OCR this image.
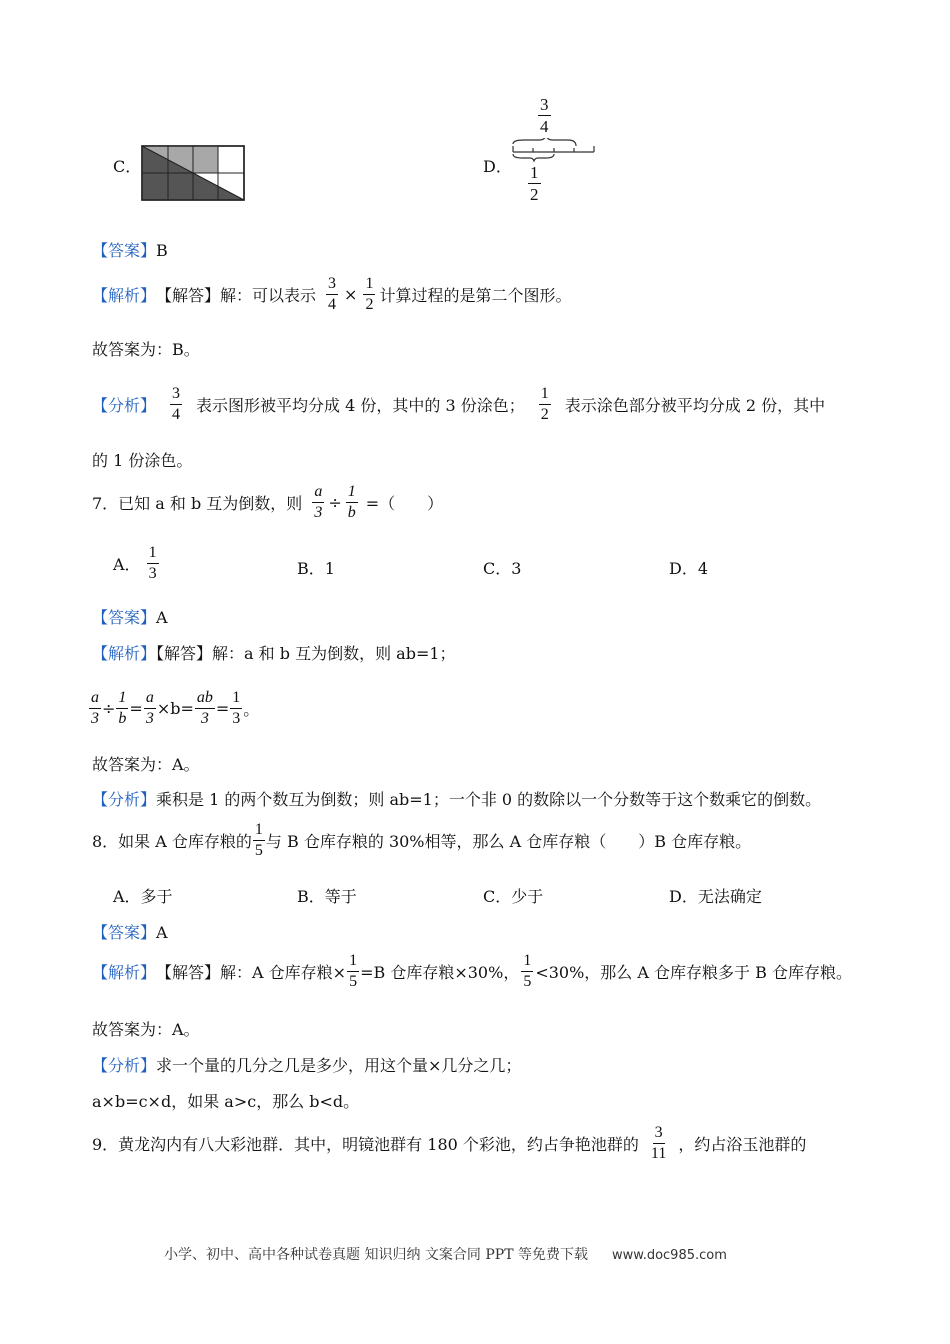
C．	D．
$\frac{3}{4}$
$\frac{1}{2}$
【答案】B
【解析】 【解答】 解：可以表示 $\frac{3}{4} \times \frac{1}{2}$ 计算过程的是第二个图形。
故答案为：B。
【分析】 $\frac{3}{4}$ 表示图形被平均分成 4 份，其中的 3 份涂色； $\frac{1}{2}$ 表示涂色部分被平均分成 2 份，其中
的 1 份涂色。
7．已知 a 和 b 互为倒数，则 $\frac{a}{3} \div \frac{1}{b}$ =（　　）
A． $\frac{1}{3}$	B．1	C．3	D．4
【答案】A
【解析】【解答】解：a 和 b 互为倒数，则 ab=1；
$\frac{a}{3} \div \frac{1}{b} = \frac{a}{3} \times b= \frac{ab}{3} = \frac{1}{3}$ 。
故答案为：A。
【分析】乘积是 1 的两个数互为倒数；则 ab=1；一个非 0 的数除以一个分数等于这个数乘它的倒数。
8．如果 A 仓库存粮的 $\frac{1}{5}$ 与 B 仓库存粮的 30%相等，那么 A 仓库存粮（　　）B 仓库存粮。
A．多于	B．等于	C．少于	D．无法确定
【答案】A
【解析】 【解答】 解：A 仓库存粮× $\frac{1}{5} =B$ 仓库存粮×30%， $\frac{1}{5} <30\%$，那么 A 仓库存粮多于 B 仓库存粮。
故答案为：A。
【分析】求一个量的几分之几是多少，用这个量×几分之几；
a×b=c×d，如果 a>c，那么 b<d。
9．黄龙沟内有八大彩池群．其中，明镜池群有 180 个彩池，约占争艳池群的 $\frac{3}{11}$ ，约占浴玉池群的
小学、初中、高中各种试卷真题 知识归纳 文案合同 PPT 等免费下载 www.doc985.com
